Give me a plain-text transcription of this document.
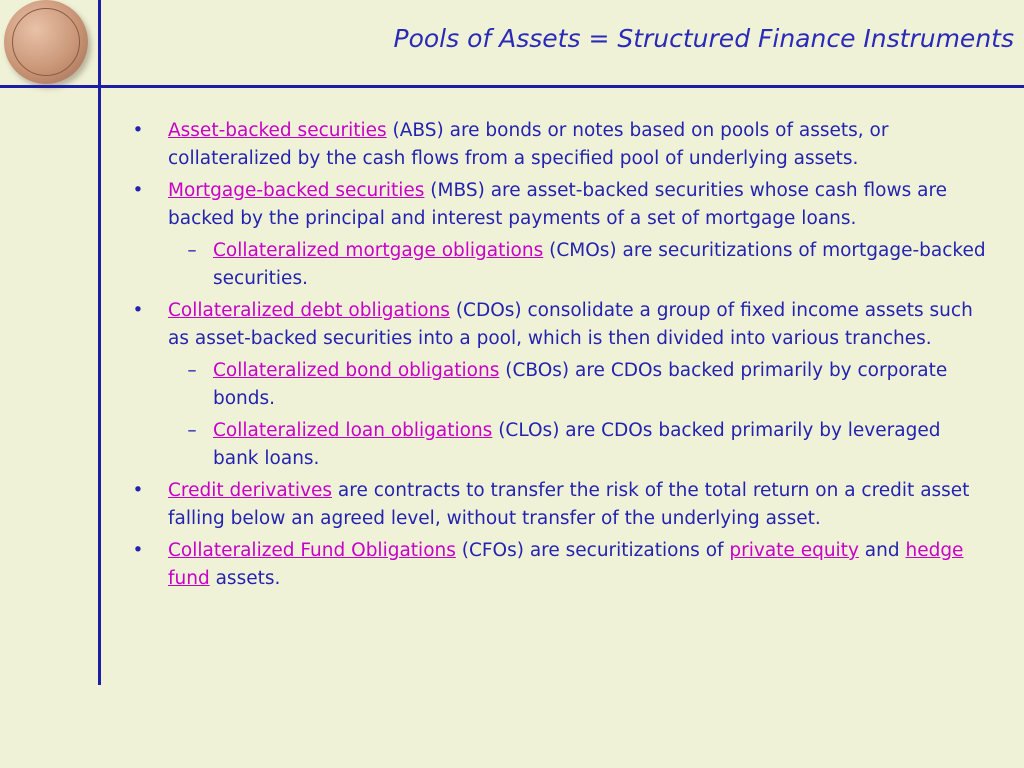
Pools of Assets = Structured Finance Instruments
• Asset-backed securities (ABS) are bonds or notes based on pools of assets, or collateralized by the cash flows from a specified pool of underlying assets.
• Mortgage-backed securities (MBS) are asset-backed securities whose cash flows are backed by the principal and interest payments of a set of mortgage loans.
– Collateralized mortgage obligations (CMOs) are securitizations of mortgage-backed securities.
• Collateralized debt obligations (CDOs) consolidate a group of fixed income assets such as asset-backed securities into a pool, which is then divided into various tranches.
– Collateralized bond obligations (CBOs) are CDOs backed primarily by corporate bonds.
– Collateralized loan obligations (CLOs) are CDOs backed primarily by leveraged bank loans.
• Credit derivatives are contracts to transfer the risk of the total return on a credit asset falling below an agreed level, without transfer of the underlying asset.
• Collateralized Fund Obligations (CFOs) are securitizations of private equity and hedge fund assets.
